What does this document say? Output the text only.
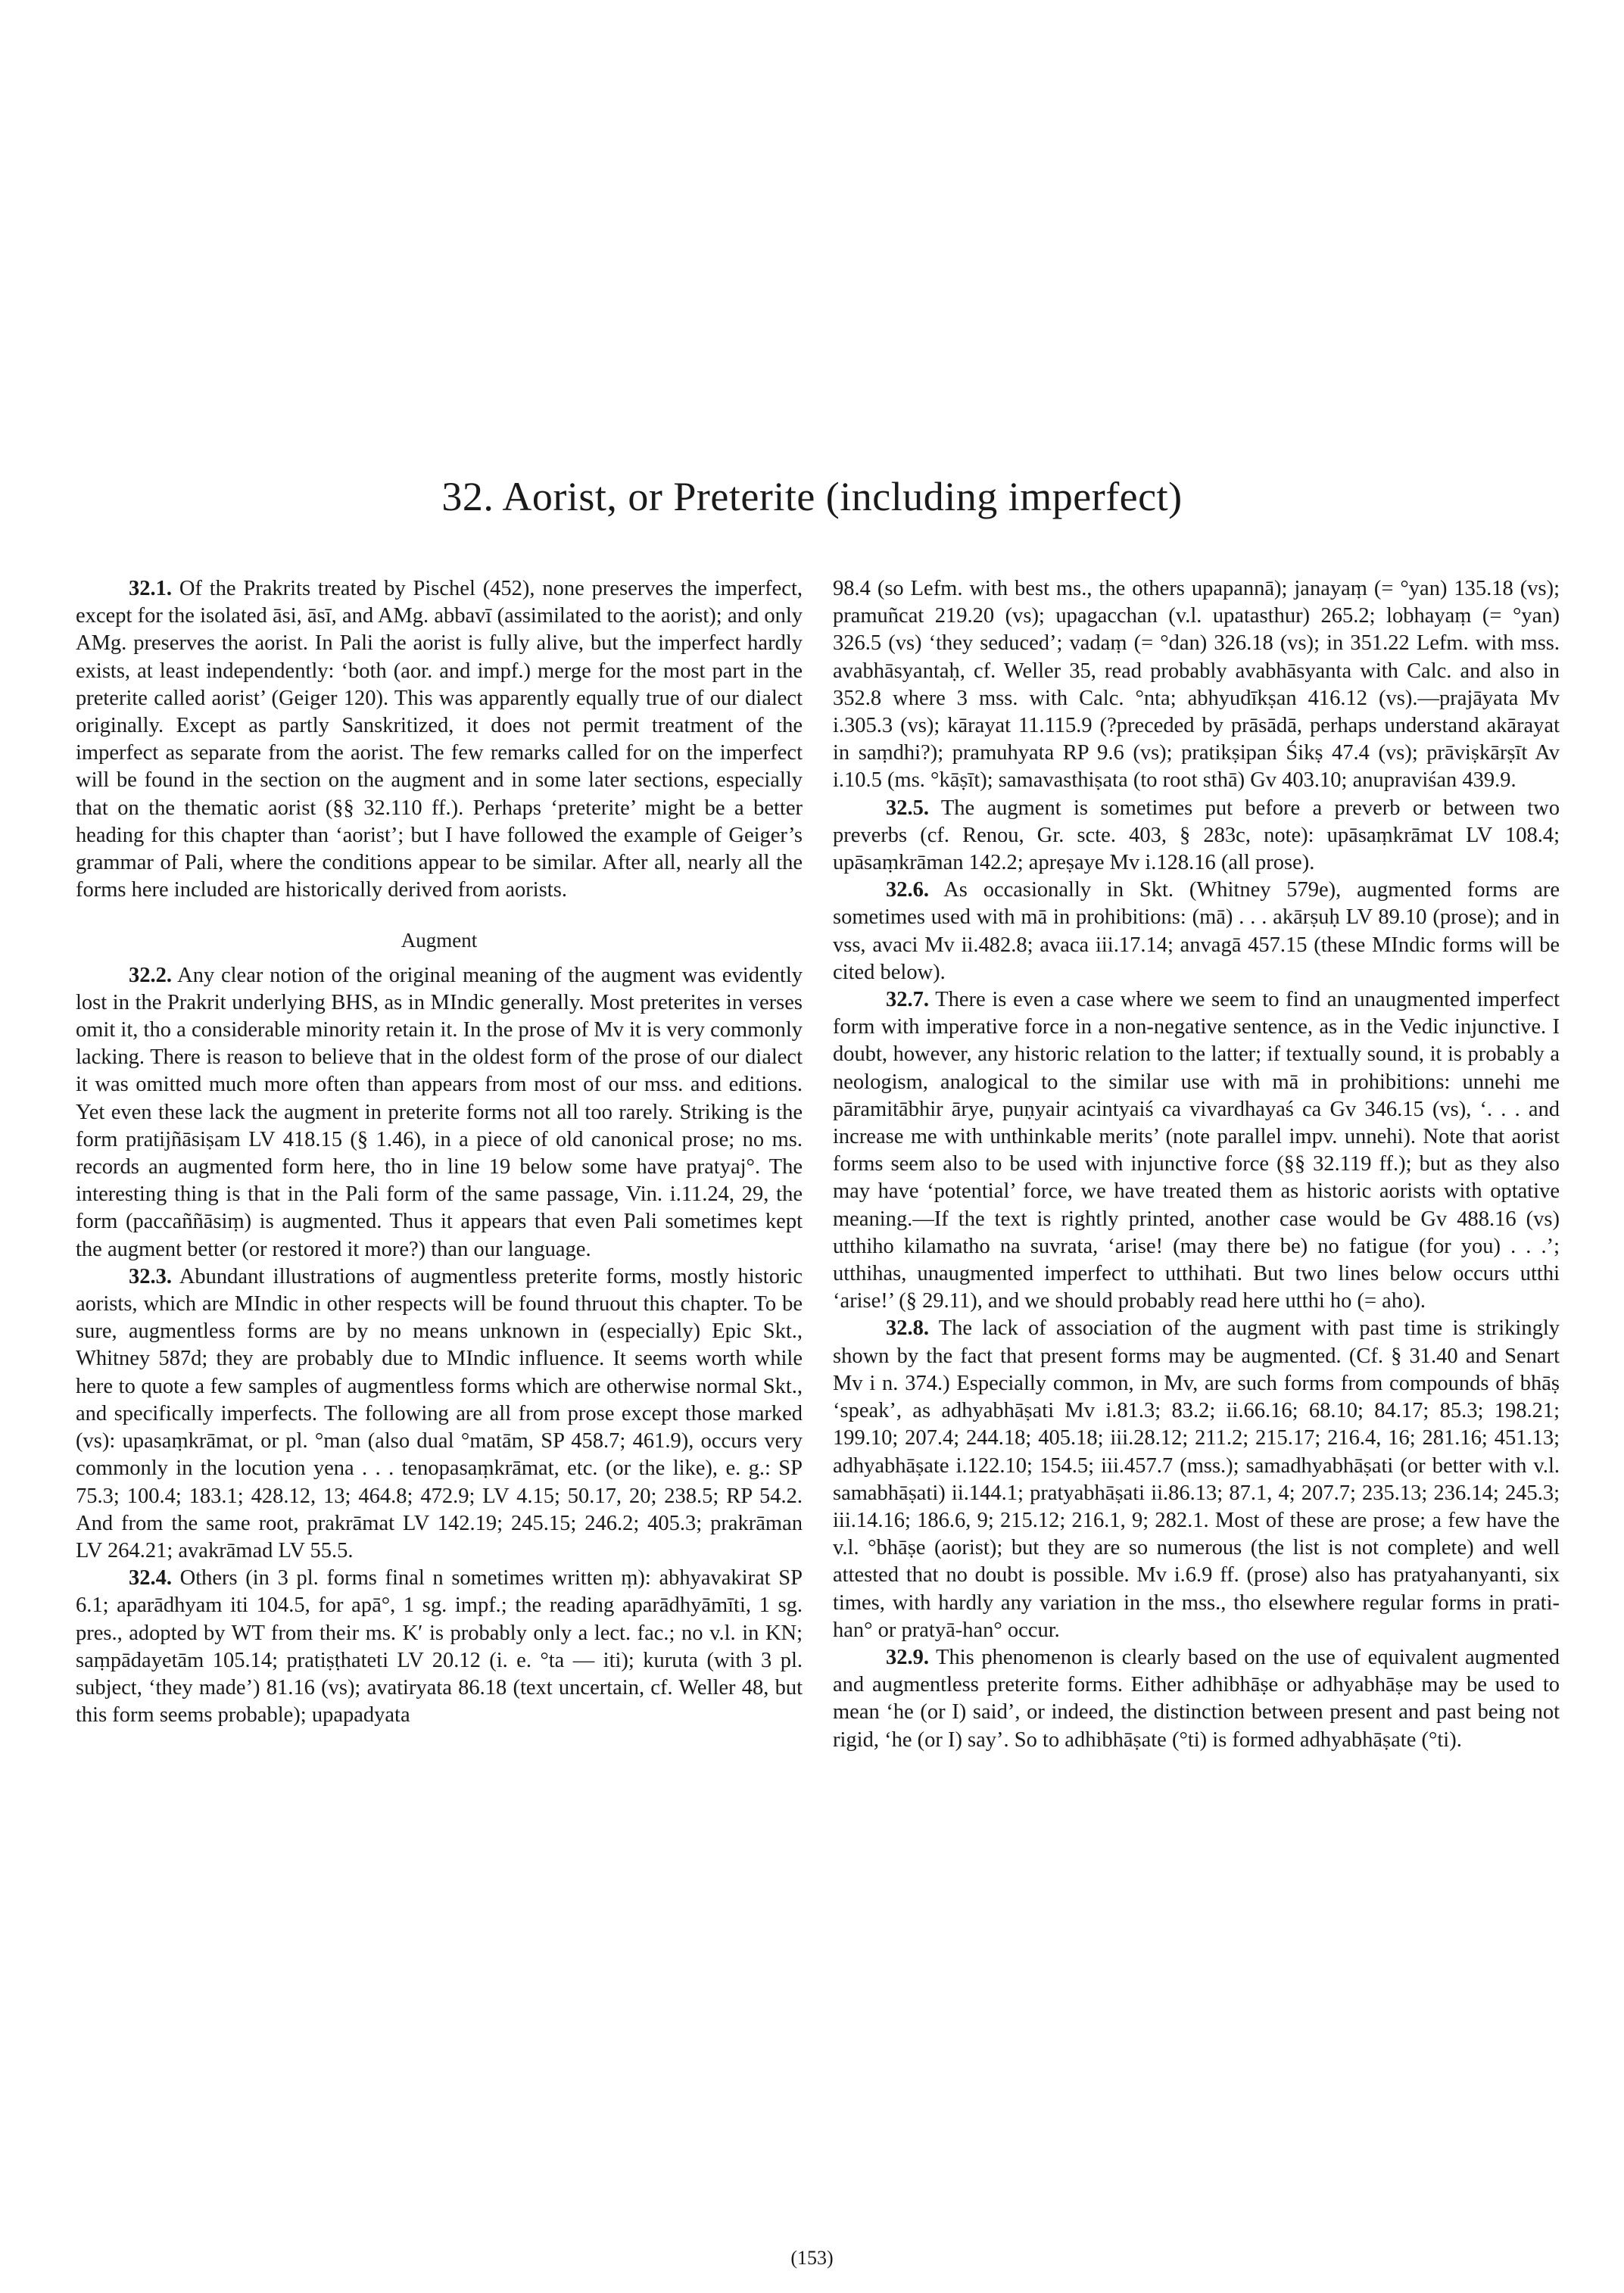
32. Aorist, or Preterite (including imperfect)

32.1. Of the Prakrits treated by Pischel (452), none preserves the imperfect, except for the isolated āsi, āsī, and AMg. abbavī (assimilated to the aorist); and only AMg. preserves the aorist. In Pali the aorist is fully alive, but the imperfect hardly exists, at least independently: ‘both (aor. and impf.) merge for the most part in the preterite called aorist’ (Geiger 120). This was apparently equally true of our dialect originally. Except as partly Sanskritized, it does not permit treatment of the imperfect as separate from the aorist. The few remarks called for on the imperfect will be found in the section on the augment and in some later sections, especially that on the thematic aorist (§§ 32.110 ff.). Perhaps ‘preterite’ might be a better heading for this chapter than ‘aorist’; but I have followed the example of Geiger’s grammar of Pali, where the conditions appear to be similar. After all, nearly all the forms here included are historically derived from aorists.

Augment

32.2. Any clear notion of the original meaning of the augment was evidently lost in the Prakrit underlying BHS, as in MIndic generally. Most preterites in verses omit it, tho a considerable minority retain it. In the prose of Mv it is very commonly lacking. There is reason to believe that in the oldest form of the prose of our dialect it was omitted much more often than appears from most of our mss. and editions. Yet even these lack the augment in preterite forms not all too rarely. Striking is the form pratijñāsiṣam LV 418.15 (§ 1.46), in a piece of old canonical prose; no ms. records an augmented form here, tho in line 19 below some have pratyaj°. The interesting thing is that in the Pali form of the same passage, Vin. i.11.24, 29, the form (paccaññāsiṃ) is augmented. Thus it appears that even Pali sometimes kept the augment better (or restored it more?) than our language.

32.3. Abundant illustrations of augmentless preterite forms, mostly historic aorists, which are MIndic in other respects will be found thruout this chapter. To be sure, augmentless forms are by no means unknown in (especially) Epic Skt., Whitney 587d; they are probably due to MIndic influence. It seems worth while here to quote a few samples of augmentless forms which are otherwise normal Skt., and specifically imperfects. The following are all from prose except those marked (vs): upasaṃkrāmat, or pl. °man (also dual °matām, SP 458.7; 461.9), occurs very commonly in the locution yena . . . tenopasaṃkrāmat, etc. (or the like), e. g.: SP 75.3; 100.4; 183.1; 428.12, 13; 464.8; 472.9; LV 4.15; 50.17, 20; 238.5; RP 54.2. And from the same root, prakrāmat LV 142.19; 245.15; 246.2; 405.3; prakrāman LV 264.21; avakrāmad LV 55.5.

32.4. Others (in 3 pl. forms final n sometimes written ṃ): abhyavakirat SP 6.1; aparādhyam iti 104.5, for apā°, 1 sg. impf.; the reading aparādhyāmīti, 1 sg. pres., adopted by WT from their ms. K′ is probably only a lect. fac.; no v.l. in KN; saṃpādayetām 105.14; pratiṣṭhateti LV 20.12 (i. e. °ta — iti); kuruta (with 3 pl. subject, ‘they made’) 81.16 (vs); avatiryata 86.18 (text uncertain, cf. Weller 48, but this form seems probable); upapadyata

98.4 (so Lefm. with best ms., the others upapannā); janayaṃ (= °yan) 135.18 (vs); pramuñcat 219.20 (vs); upagacchan (v.l. upatasthur) 265.2; lobhayaṃ (= °yan) 326.5 (vs) ‘they seduced’; vadaṃ (= °dan) 326.18 (vs); in 351.22 Lefm. with mss. avabhāsyantaḥ, cf. Weller 35, read probably avabhāsyanta with Calc. and also in 352.8 where 3 mss. with Calc. °nta; abhyudīkṣan 416.12 (vs).—prajāyata Mv i.305.3 (vs); kārayat 11.115.9 (?preceded by prāsādā, perhaps understand akārayat in saṃdhi?); pramuhyata RP 9.6 (vs); pratikṣipan Śikṣ 47.4 (vs); prāviṣkārṣīt Av i.10.5 (ms. °kāṣīt); samavasthiṣata (to root sthā) Gv 403.10; anupraviśan 439.9.

32.5. The augment is sometimes put before a preverb or between two preverbs (cf. Renou, Gr. scte. 403, § 283c, note): upāsaṃkrāmat LV 108.4; upāsaṃkrāman 142.2; apreṣaye Mv i.128.16 (all prose).

32.6. As occasionally in Skt. (Whitney 579e), augmented forms are sometimes used with mā in prohibitions: (mā) . . . akārṣuḥ LV 89.10 (prose); and in vss, avaci Mv ii.482.8; avaca iii.17.14; anvagā 457.15 (these MIndic forms will be cited below).

32.7. There is even a case where we seem to find an unaugmented imperfect form with imperative force in a non-negative sentence, as in the Vedic injunctive. I doubt, however, any historic relation to the latter; if textually sound, it is probably a neologism, analogical to the similar use with mā in prohibitions: unnehi me pāramitābhir ārye, puṇyair acintyaiś ca vivardhayaś ca Gv 346.15 (vs), ‘. . . and increase me with unthinkable merits’ (note parallel impv. unnehi). Note that aorist forms seem also to be used with injunctive force (§§ 32.119 ff.); but as they also may have ‘potential’ force, we have treated them as historic aorists with optative meaning.—If the text is rightly printed, another case would be Gv 488.16 (vs) utthiho kilamatho na suvrata, ‘arise! (may there be) no fatigue (for you) . . .’; utthihas, unaugmented imperfect to utthihati. But two lines below occurs utthi ‘arise!’ (§ 29.11), and we should probably read here utthi ho (= aho).

32.8. The lack of association of the augment with past time is strikingly shown by the fact that present forms may be augmented. (Cf. § 31.40 and Senart Mv i n. 374.) Especially common, in Mv, are such forms from compounds of bhāṣ ‘speak’, as adhyabhāṣati Mv i.81.3; 83.2; ii.66.16; 68.10; 84.17; 85.3; 198.21; 199.10; 207.4; 244.18; 405.18; iii.28.12; 211.2; 215.17; 216.4, 16; 281.16; 451.13; adhyabhāṣate i.122.10; 154.5; iii.457.7 (mss.); samadhyabhāṣati (or better with v.l. samabhāṣati) ii.144.1; pratyabhāṣati ii.86.13; 87.1, 4; 207.7; 235.13; 236.14; 245.3; iii.14.16; 186.6, 9; 215.12; 216.1, 9; 282.1. Most of these are prose; a few have the v.l. °bhāṣe (aorist); but they are so numerous (the list is not complete) and well attested that no doubt is possible. Mv i.6.9 ff. (prose) also has pratyahanyanti, six times, with hardly any variation in the mss., tho elsewhere regular forms in prati-han° or pratyā-han° occur.

32.9. This phenomenon is clearly based on the use of equivalent augmented and augmentless preterite forms. Either adhibhāṣe or adhyabhāṣe may be used to mean ‘he (or I) said’, or indeed, the distinction between present and past being not rigid, ‘he (or I) say’. So to adhibhāṣate (°ti) is formed adhyabhāṣate (°ti).

(153)
